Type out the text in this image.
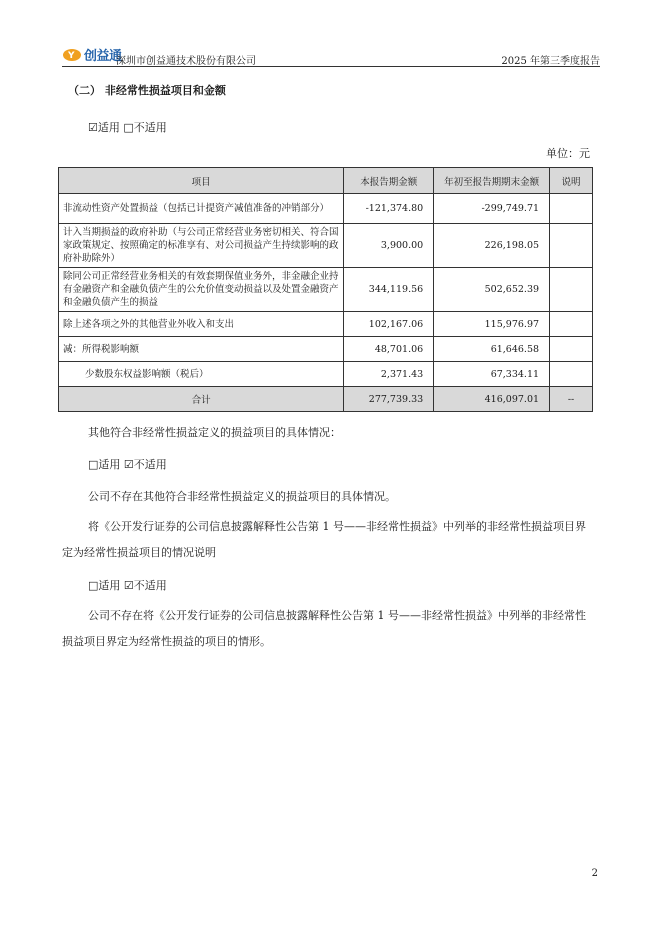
Y 创益通
深圳市创益通技术股份有限公司	2025 年第三季度报告
（二） 非经常性损益项目和金额
☑适用 □不适用
单位：元
项目	本报告期金额	年初至报告期期末金额	说明
非流动性资产处置损益（包括已计提资产减值准备的冲销部分）	-121,374.80	-299,749.71	
计入当期损益的政府补助（与公司正常经营业务密切相关、符合国家政策规定、按照确定的标准享有、对公司损益产生持续影响的政府补助除外）	3,900.00	226,198.05	
除同公司正常经营业务相关的有效套期保值业务外，非金融企业持有金融资产和金融负债产生的公允价值变动损益以及处置金融资产和金融负债产生的损益	344,119.56	502,652.39	
除上述各项之外的其他营业外收入和支出	102,167.06	115,976.97	
减：所得税影响额	48,701.06	61,646.58	
少数股东权益影响额（税后）	2,371.43	67,334.11	
合计	277,739.33	416,097.01	--
其他符合非经常性损益定义的损益项目的具体情况：
□适用 ☑不适用
公司不存在其他符合非经常性损益定义的损益项目的具体情况。
将《公开发行证券的公司信息披露解释性公告第 1 号——非经常性损益》中列举的非经常性损益项目界定为经常性损益项目的情况说明
□适用 ☑不适用
公司不存在将《公开发行证券的公司信息披露解释性公告第 1 号——非经常性损益》中列举的非经常性损益项目界定为经常性损益的项目的情形。
2
